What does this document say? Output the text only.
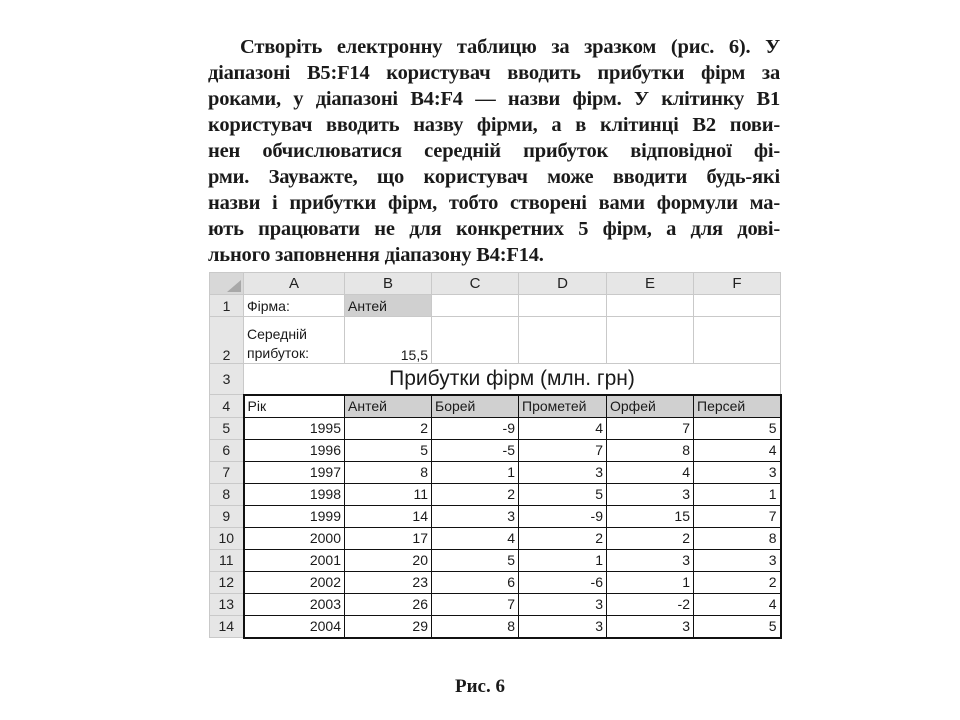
Створіть електронну таблицю за зразком (рис. 6). У
діапазоні B5:F14 користувач вводить прибутки фірм за
роками, у діапазоні B4:F4 — назви фірм. У клітинку B1
користувач вводить назву фірми, а в клітинці B2 пови-
нен обчислюватися середній прибуток відповідної фі-
рми. Зауважте, що користувач може вводити будь-які
назви і прибутки фірм, тобто створені вами формули ма-
ють працювати не для конкретних 5 фірм, а для дові-
льного заповнення діапазону B4:F14.
	A	B	C	D	E	F
1	Фірма:	Антей				
2	Середній
прибуток:	15,5				
3	Прибутки фірм (млн. грн)					
4	Рік	Антей	Борей	Прометей	Орфей	Персей
5	1995	2	-9	4	7	5
6	1996	5	-5	7	8	4
7	1997	8	1	3	4	3
8	1998	11	2	5	3	1
9	1999	14	3	-9	15	7
10	2000	17	4	2	2	8
11	2001	20	5	1	3	3
12	2002	23	6	-6	1	2
13	2003	26	7	3	-2	4
14	2004	29	8	3	3	5
Рис. 6
